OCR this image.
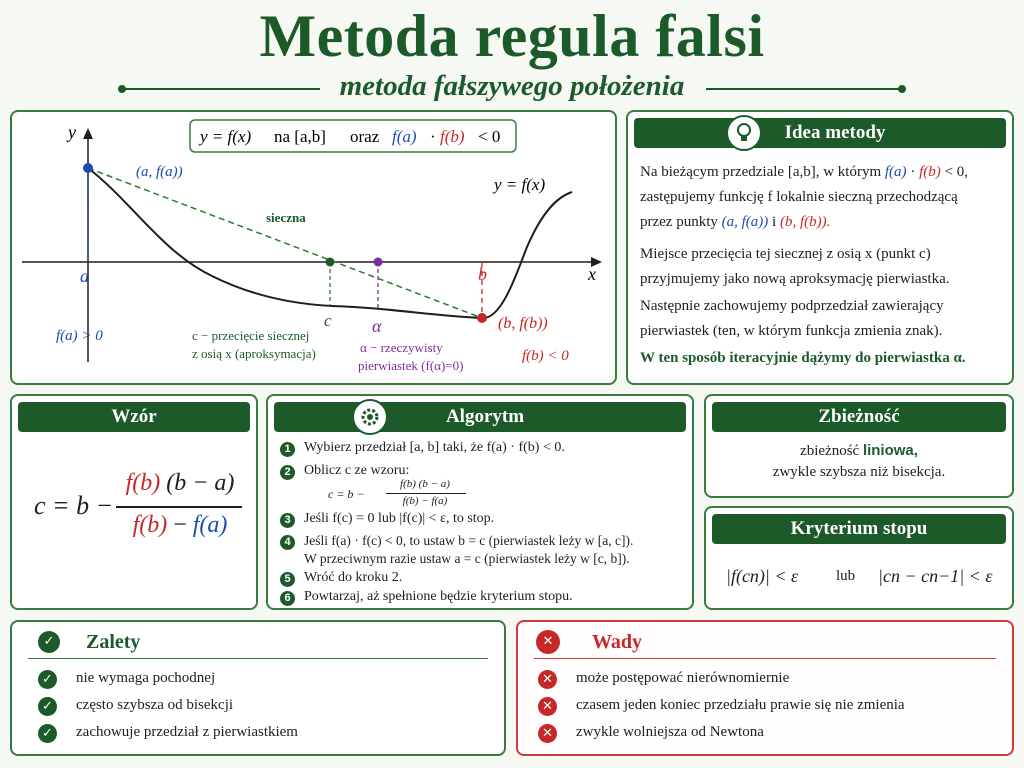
Metoda regula falsi
metoda fałszywego położenia
y = f(x) na [a,b] oraz f(a) · f(b) < 0
y
x
y = f(x)
sieczna
(a, f(a))
a
f(a) > 0
b
(b, f(b))
f(b) < 0
c
c − przecięcie siecznej
z osią x (aproksymacja)
α
α − rzeczywisty
pierwiastek (f(α)=0)
Idea metody
Na bieżącym przedziale [a,b], w którym f(a) · f(b) < 0,
zastępujemy funkcję f lokalnie sieczną przechodzącą
przez punkty (a, f(a)) i (b, f(b)).
Miejsce przecięcia tej siecznej z osią x (punkt c)
przyjmujemy jako nową aproksymację pierwiastka.
Następnie zachowujemy podprzedział zawierający
pierwiastek (ten, w którym funkcja zmienia znak).
W ten sposób iteracyjnie dążymy do pierwiastka α.
Wzór
c = b −
f(b) (b − a)
f(b) − f(a)
Algorytm
1 Wybierz przedział [a, b] taki, że f(a) · f(b) < 0.
2 Oblicz c ze wzoru:
c = b −
f(b) (b − a)
f(b) − f(a)
3 Jeśli f(c) = 0 lub |f(c)| < ε, to stop.
4 Jeśli f(a) · f(c) < 0, to ustaw b = c (pierwiastek leży w [a, c]).
W przeciwnym razie ustaw a = c (pierwiastek leży w [c, b]).
5 Wróć do kroku 2.
6 Powtarzaj, aż spełnione będzie kryterium stopu.
Zbieżność
zbieżność liniowa,
zwykle szybsza niż bisekcja.
Kryterium stopu
|f(cn)| < ε	lub |cn − cn−1| < ε
✓ Zalety
✓ nie wymaga pochodnej
✓ często szybsza od bisekcji
✓ zachowuje przedział z pierwiastkiem
✕	Wady
✕ może postępować nierównomiernie
✕ czasem jeden koniec przedziału prawie się nie zmienia
✕ zwykle wolniejsza od Newtona
